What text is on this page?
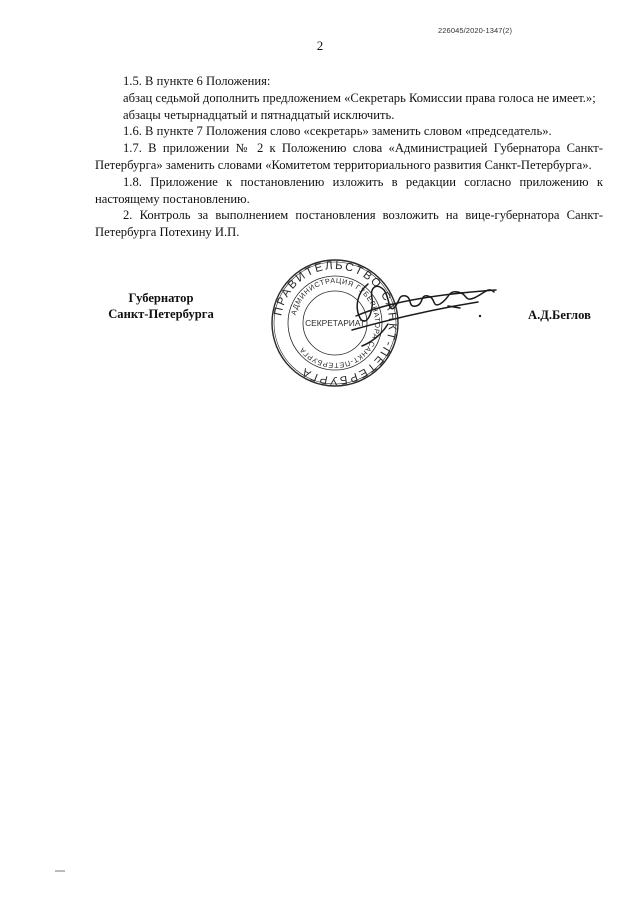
226045/2020-1347(2)
2

1.5. В пункте 6 Положения:

абзац седьмой дополнить предложением «Секретарь Комиссии права голоса не имеет.»;

абзацы четырнадцатый и пятнадцатый исключить.

1.6. В пункте 7 Положения слово «секретарь» заменить словом «председатель».

1.7. В приложении № 2 к Положению слова «Администрацией Губернатора Санкт-Петербурга» заменить словами «Комитетом территориального развития Санкт-Петербурга».

1.8. Приложение к постановлению изложить в редакции согласно приложению к настоящему постановлению.

2. Контроль за выполнением постановления возложить на вице-губернатора Санкт-Петербурга Потехину И.П.

Губернатор
Санкт-Петербурга	ПРАВИТЕЛЬСТВО САНКТ-ПЕТЕРБУРГА
АДМИНИСТРАЦИЯ ГУБЕРНАТОРА САНКТ-ПЕТЕРБУРГА
СЕКРЕТАРИАТ
А.Д.Беглов
